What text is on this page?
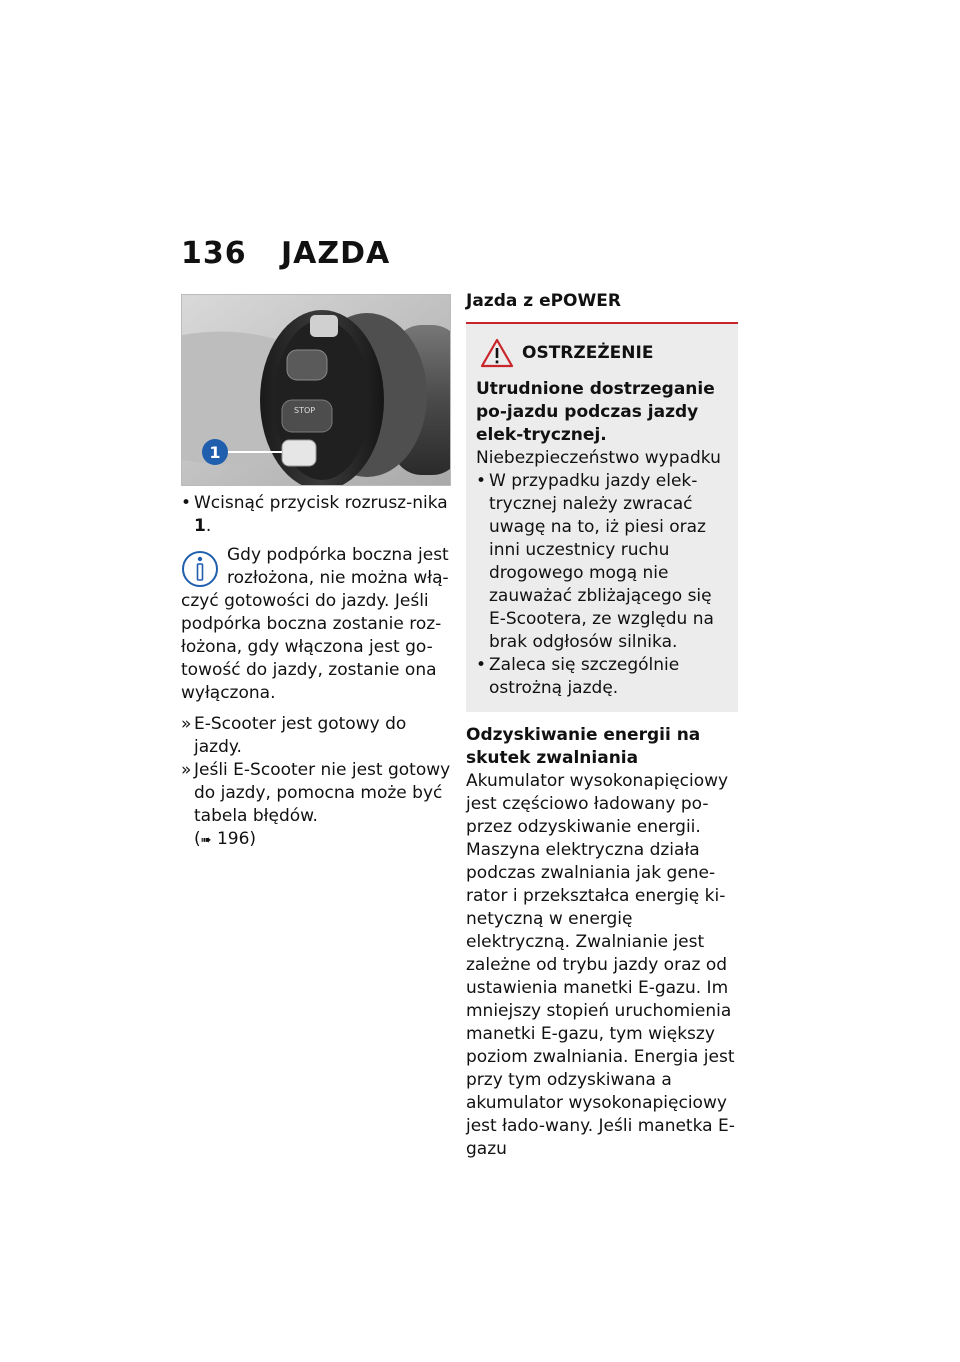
136 JAZDA
STOP
1
• Wcisnąć przycisk rozrusz-nika 1.
Gdy podpórka boczna jest rozłożona, nie można włą-czyć gotowości do jazdy. Jeśli podpórka boczna zostanie roz-łożona, gdy włączona jest go-towość do jazdy, zostanie ona wyłączona.
» E-Scooter jest gotowy do jazdy.
» Jeśli E-Scooter nie jest gotowy do jazdy, pomocna może być tabela błędów.
(➠ 196)
Jazda z ePOWER
OSTRZEŻENIE
Utrudnione dostrzeganie po-jazdu podczas jazdy elek-trycznej.
Niebezpieczeństwo wypadku
• W przypadku jazdy elek-trycznej należy zwracać uwagę na to, iż piesi oraz inni uczestnicy ruchu drogowego mogą nie zauważać zbliżającego się E-Scootera, ze względu na brak odgłosów silnika.
• Zaleca się szczególnie ostrożną jazdę.
Odzyskiwanie energii na skutek zwalniania
Akumulator wysokonapięciowy jest częściowo ładowany po-przez odzyskiwanie energii. Maszyna elektryczna działa podczas zwalniania jak gene-rator i przekształca energię ki-netyczną w energię elektryczną. Zwalnianie jest zależne od trybu jazdy oraz od ustawienia manetki E-gazu. Im mniejszy stopień uruchomienia manetki E-gazu, tym większy poziom zwalniania. Energia jest przy tym odzyskiwana a akumulator wysokonapięciowy jest łado-wany. Jeśli manetka E-gazu
